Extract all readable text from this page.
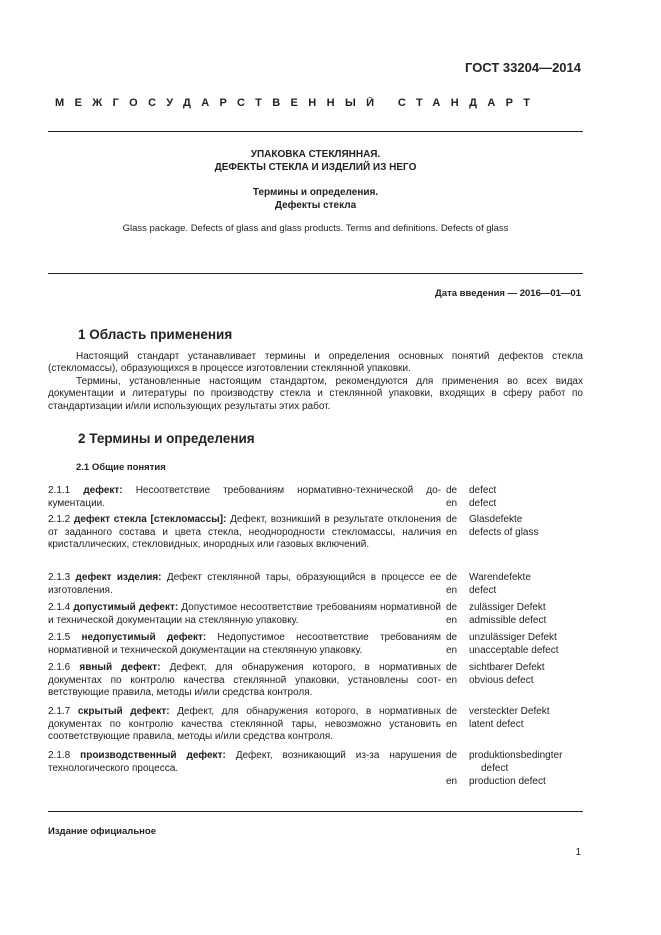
ГОСТ 33204—2014
МЕЖГОСУДАРСТВЕННЫЙ СТАНДАРТ
УПАКОВКА СТЕКЛЯННАЯ.
ДЕФЕКТЫ СТЕКЛА И ИЗДЕЛИЙ ИЗ НЕГО
Термины и определения.
Дефекты стекла
Glass package. Defects of glass and glass products. Terms and definitions. Defects of glass
Дата введения — 2016—01—01
1 Область применения
Настоящий стандарт устанавливает термины и определения основных понятий дефектов стекла (стекломассы), образующихся в процессе изготовлении стеклянной упаковки.
Термины, установленные настоящим стандартом, рекомендуются для применения во всех видах документации и литературы по производству стекла и стеклянной упаковки, входящих в сферу работ по стандартизации и/или использующих результаты этих работ.
2 Термины и определения
2.1 Общие понятия
2.1.1 дефект: Несоответствие требованиям нормативно-технической документации.
de
en
defect
defect
2.1.2 дефект стекла [стекломассы]: Дефект, возникший в результате отклонения от заданного состава и цвета стекла, неоднородности стекломассы, наличия кристаллических, стекловидных, инородных или газовых включений.
de
en
Glasdefekte
defects of glass
2.1.3 дефект изделия: Дефект стеклянной тары, образующийся в процессе ее изготовления.
de
en
Warendefekte
defect
2.1.4 допустимый дефект: Допустимое несоответствие требованиям нормативной и технической документации на стеклянную упаковку.
de
en
zulässiger Defekt
admissible defect
2.1.5 недопустимый дефект: Недопустимое несоответствие требованиям нормативной и технической документации на стеклянную упаковку.
de
en
unzulässiger Defekt
unacceptable defect
2.1.6 явный дефект: Дефект, для обнаружения которого, в нормативных документах по контролю качества стеклянной упаковки, установлены соответствующие правила, методы и/или средства контроля.
de
en
sichtbarer Defekt
obvious defect
2.1.7 скрытый дефект: Дефект, для обнаружения которого, в нормативных документах по контролю качества стеклянной тары, невозможно установить соответствующие правила, методы и/или средства контроля.
de
en
versteckter Defekt
latent defect
2.1.8 производственный дефект: Дефект, возникающий из-за нарушения технологического процесса.
de
en
produktionsbedingter
defect
production defect
Издание официальное
1
